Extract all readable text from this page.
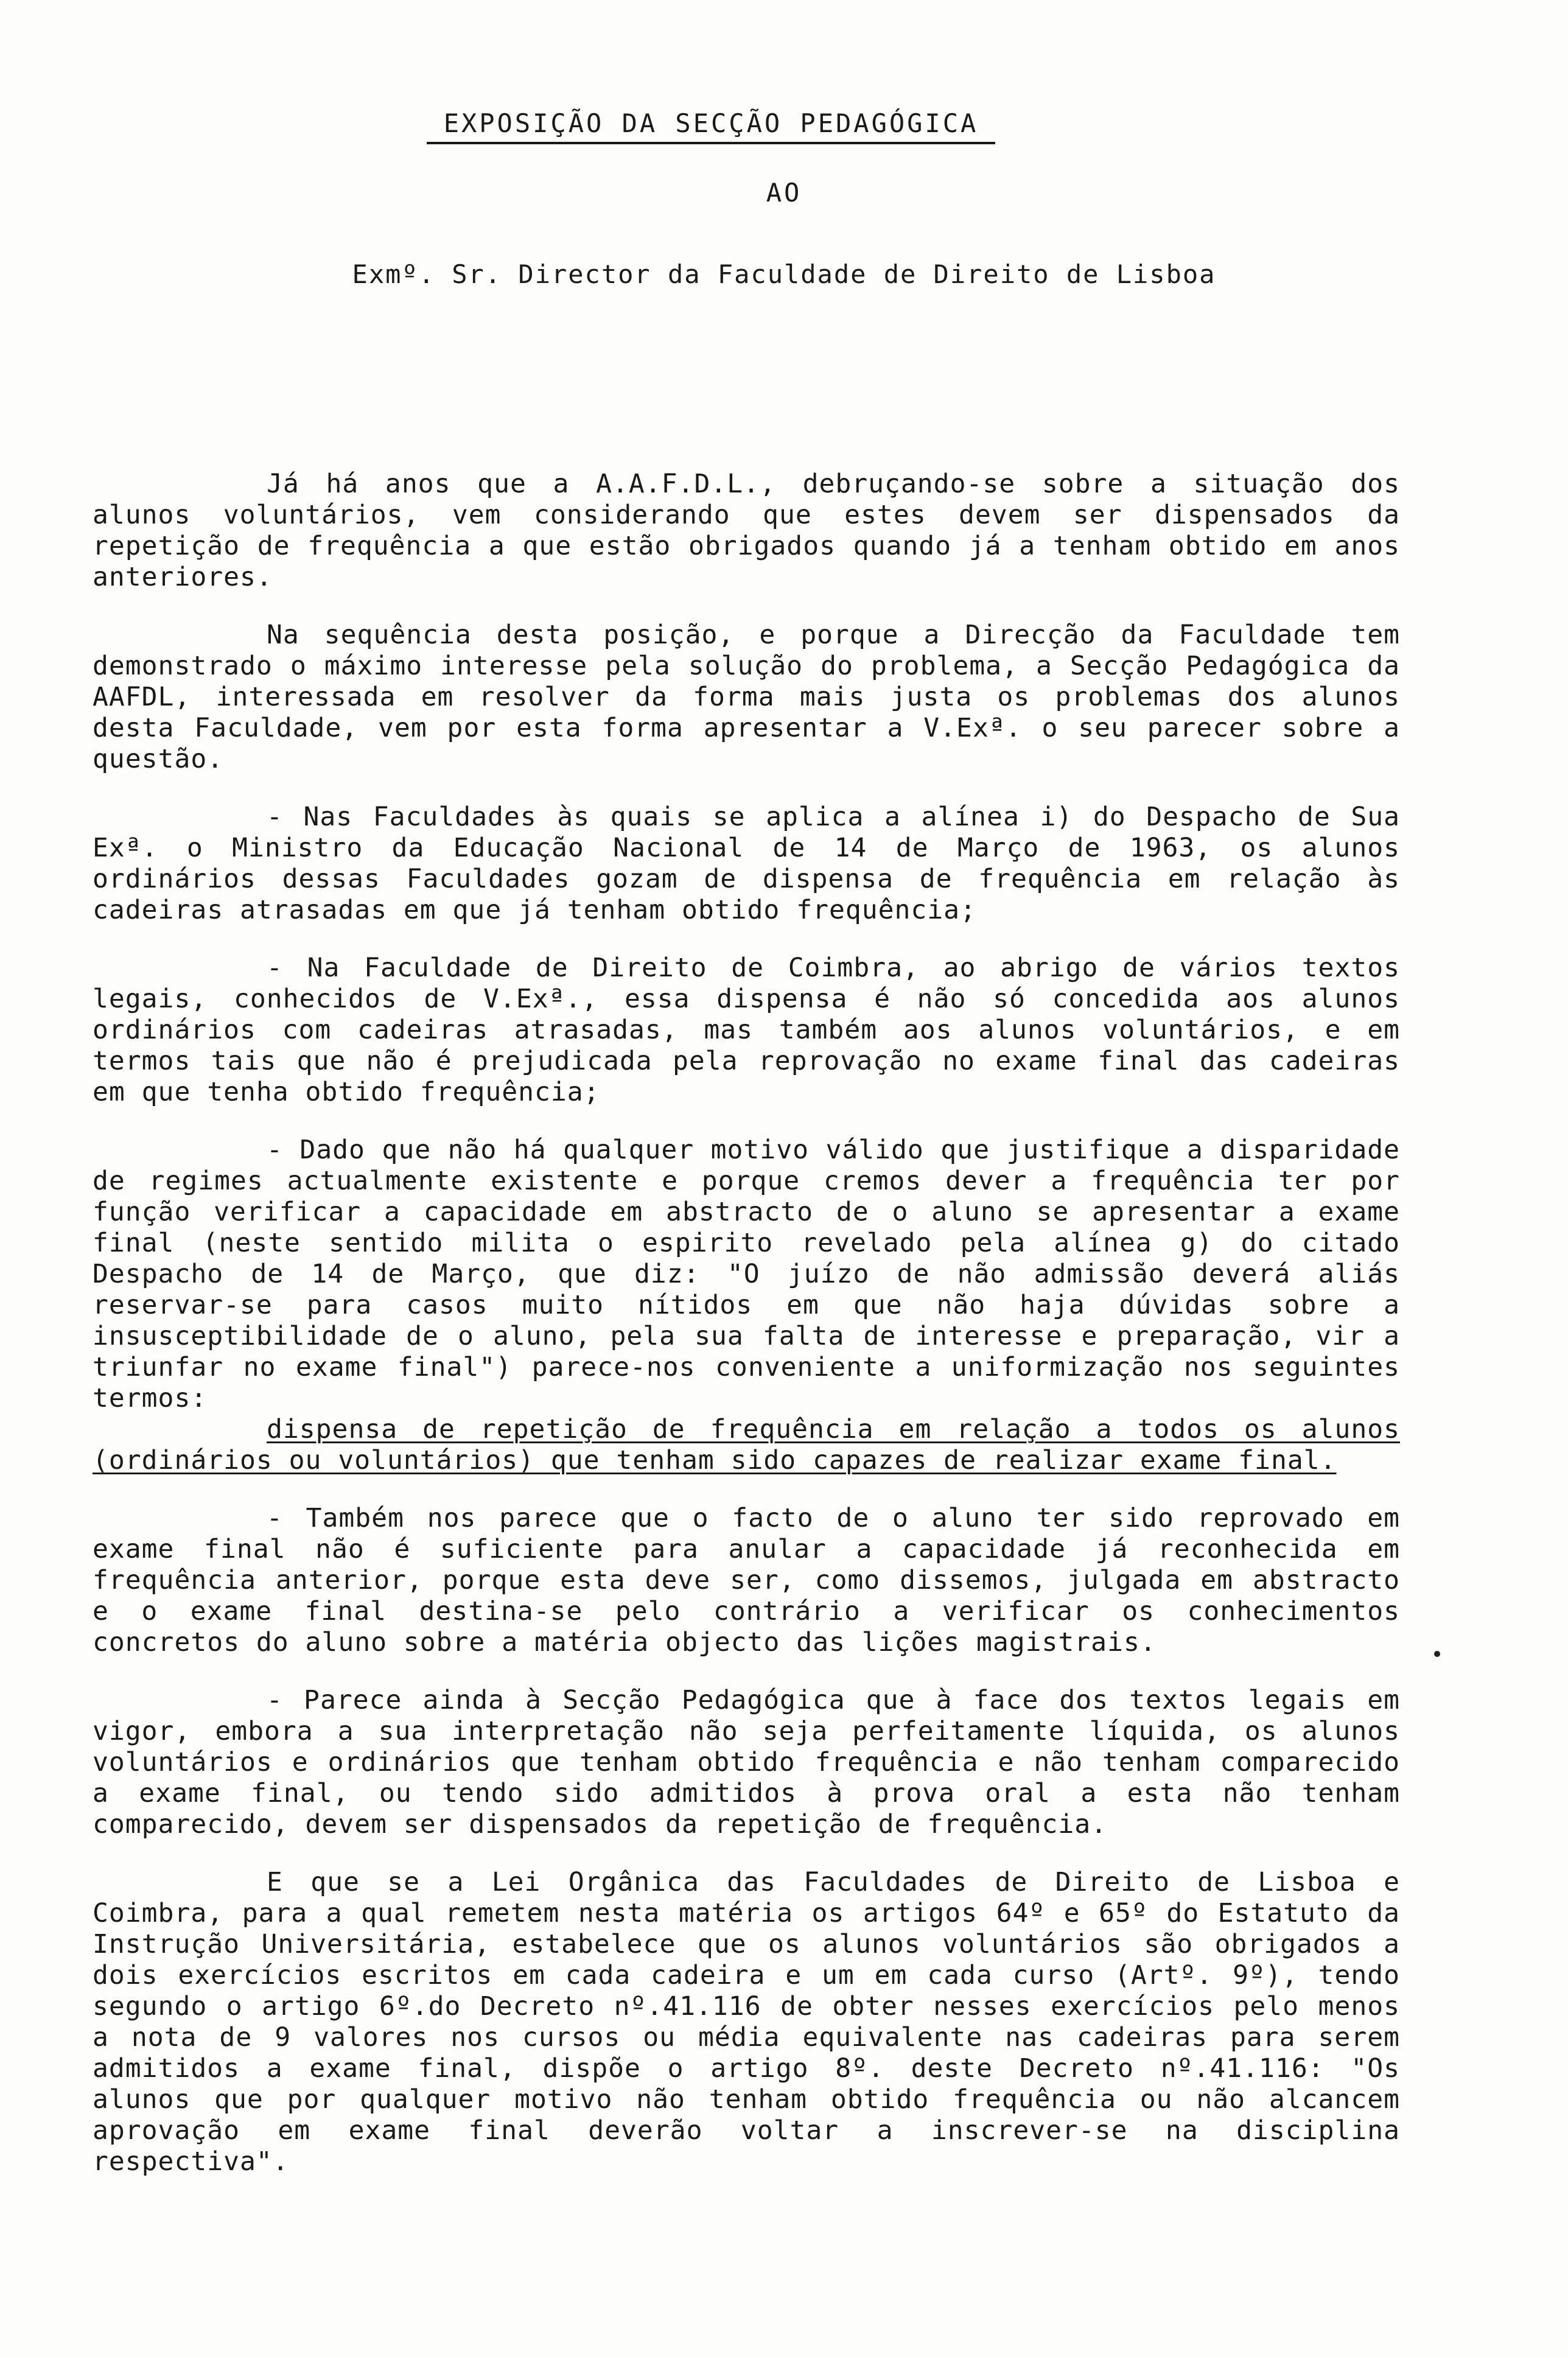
EXPOSIÇÃO DA SECÇÃO PEDAGÓGICA
AO
Exmº. Sr. Director da Faculdade de Direito de Lisboa

Já há anos que a A.A.F.D.L., debruçando-se sobre a situação dos alunos voluntários, vem considerando que estes devem ser dispensados da repetição de frequência a que estão obrigados quando já a tenham obtido em anos anteriores.

Na sequência desta posição, e porque a Direcção da Faculdade tem demonstrado o máximo interesse pela solução do problema, a Secção Pedagógica da AAFDL, interessada em resolver da forma mais justa os problemas dos alunos desta Faculdade, vem por esta forma apresentar a V.Exª. o seu parecer sobre a questão.

- Nas Faculdades às quais se aplica a alínea i) do Despacho de Sua Exª. o Ministro da Educação Nacional de 14 de Março de 1963, os alunos ordinários dessas Faculdades gozam de dispensa de frequência em relação às cadeiras atrasadas em que já tenham obtido frequência;

- Na Faculdade de Direito de Coimbra, ao abrigo de vários textos legais, conhecidos de V.Exª., essa dispensa é não só concedida aos alunos ordinários com cadeiras atrasadas, mas também aos alunos voluntários, e em termos tais que não é prejudicada pela reprovação no exame final das cadeiras em que tenha obtido frequência;

- Dado que não há qualquer motivo válido que justifique a disparidade de regimes actualmente existente e porque cremos dever a frequência ter por função verificar a capacidade em abstracto de o aluno se apresentar a exame final (neste sentido milita o espirito revelado pela alínea g) do citado Despacho de 14 de Março, que diz: "O juízo de não admissão deverá aliás reservar-se para casos muito nítidos em que não haja dúvidas sobre a insusceptibilidade de o aluno, pela sua falta de interesse e preparação, vir a triunfar no exame final") parece-nos conveniente a uniformização nos seguintes termos:

dispensa de repetição de frequência em relação a todos os alunos (ordinários ou voluntários) que tenham sido capazes de realizar exame final.

- Também nos parece que o facto de o aluno ter sido reprovado em exame final não é suficiente para anular a capacidade já reconhecida em frequência anterior, porque esta deve ser, como dissemos, julgada em abstracto e o exame final destina-se pelo contrário a verificar os conhecimentos concretos do aluno sobre a matéria objecto das lições magistrais.

- Parece ainda à Secção Pedagógica que à face dos textos legais em vigor, embora a sua interpretação não seja perfeitamente líquida, os alunos voluntários e ordinários que tenham obtido frequência e não tenham comparecido a exame final, ou tendo sido admitidos à prova oral a esta não tenham comparecido, devem ser dispensados da repetição de frequência.

E que se a Lei Orgânica das Faculdades de Direito de Lisboa e Coimbra, para a qual remetem nesta matéria os artigos 64º e 65º do Estatuto da Instrução Universitária, estabelece que os alunos voluntários são obrigados a dois exercícios escritos em cada cadeira e um em cada curso (Artº. 9º), tendo segundo o artigo 6º.do Decreto nº.41.116 de obter nesses exercícios pelo menos a nota de 9 valores nos cursos ou média equivalente nas cadeiras para serem admitidos a exame final, dispõe o artigo 8º. deste Decreto nº.41.116: "Os alunos que por qualquer motivo não tenham obtido frequência ou não alcancem aprovação em exame final deverão voltar a inscrever-se na disciplina respectiva".
